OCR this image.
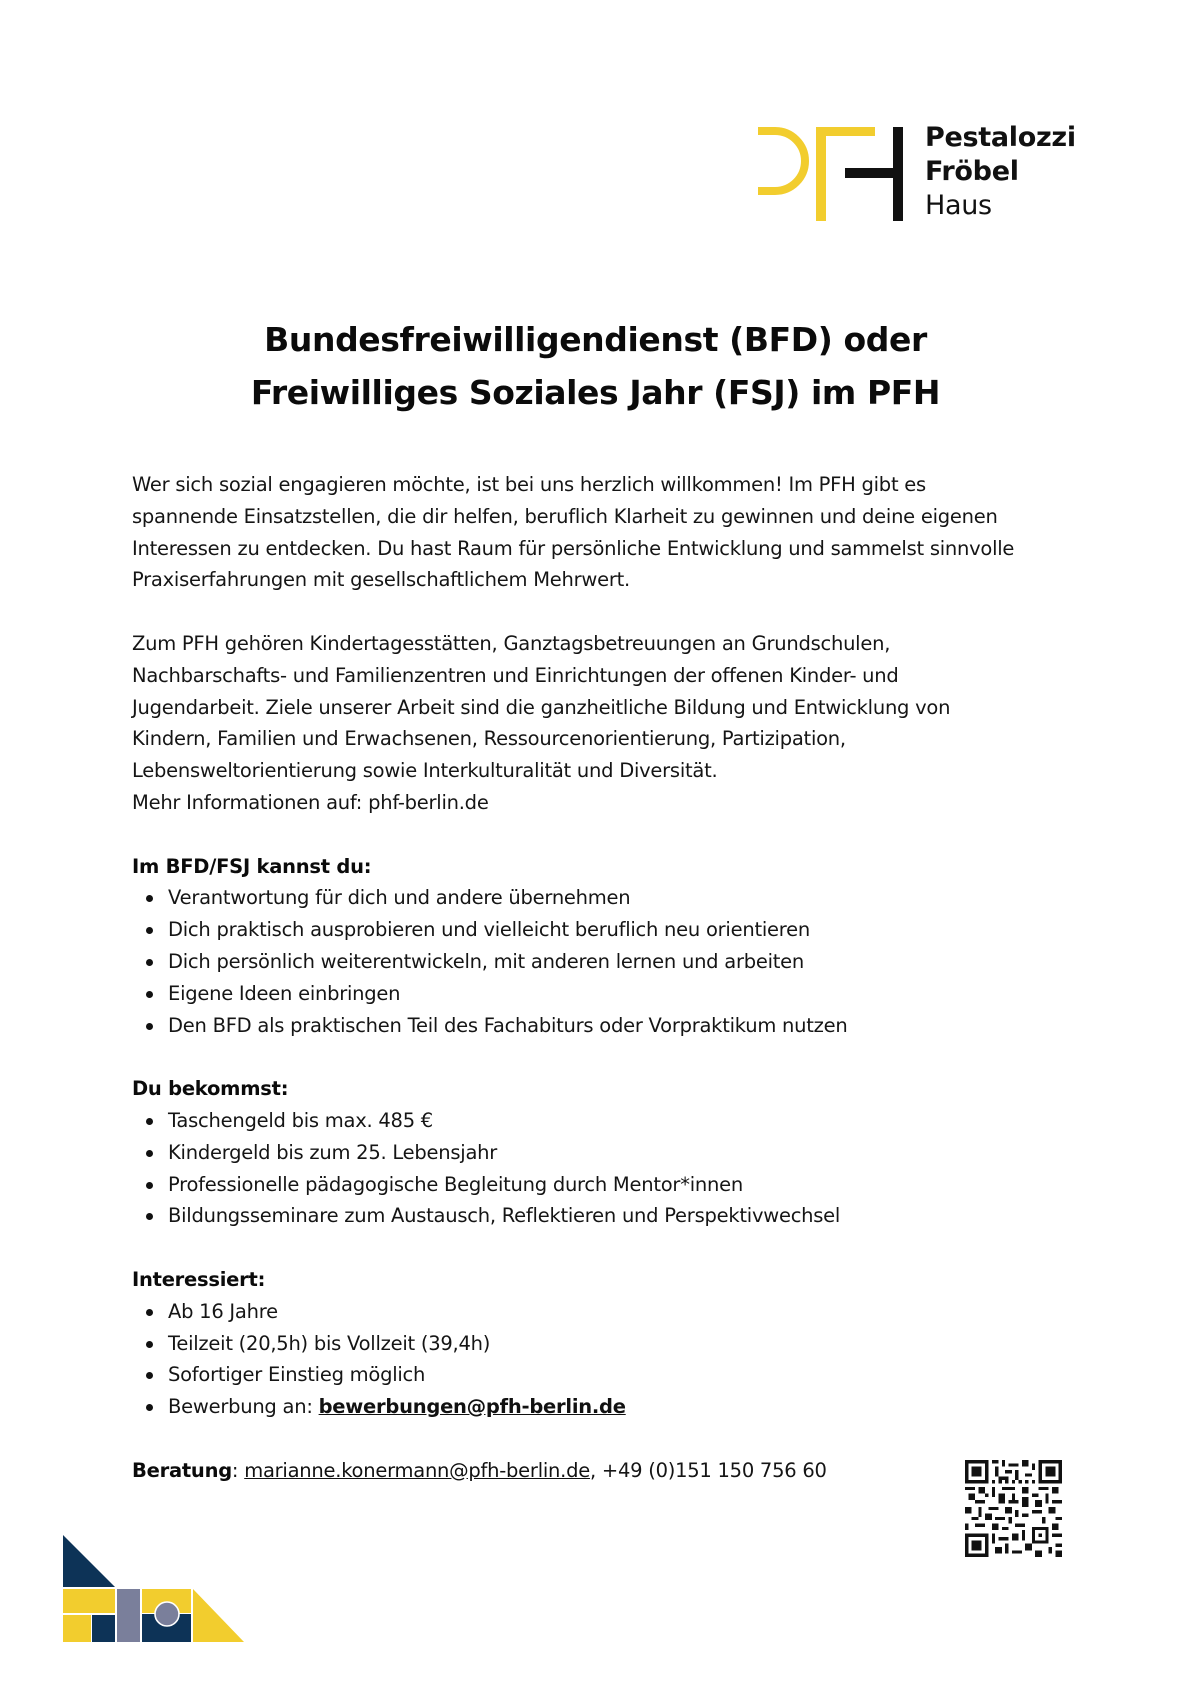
Pestalozzi
Fröbel
Haus
Bundesfreiwilligendienst (BFD) oder
Freiwilliges Soziales Jahr (FSJ) im PFH

Wer sich sozial engagieren möchte, ist bei uns herzlich willkommen! Im PFH gibt es
spannende Einsatzstellen, die dir helfen, beruflich Klarheit zu gewinnen und deine eigenen
Interessen zu entdecken. Du hast Raum für persönliche Entwicklung und sammelst sinnvolle
Praxiserfahrungen mit gesellschaftlichem Mehrwert.

Zum PFH gehören Kindertagesstätten, Ganztagsbetreuungen an Grundschulen,
Nachbarschafts- und Familienzentren und Einrichtungen der offenen Kinder- und
Jugendarbeit. Ziele unserer Arbeit sind die ganzheitliche Bildung und Entwicklung von
Kindern, Familien und Erwachsenen, Ressourcenorientierung, Partizipation,
Lebensweltorientierung sowie Interkulturalität und Diversität.
Mehr Informationen auf: phf-berlin.de

Im BFD/FSJ kannst du:
Verantwortung für dich und andere übernehmen
Dich praktisch ausprobieren und vielleicht beruflich neu orientieren
Dich persönlich weiterentwickeln, mit anderen lernen und arbeiten
Eigene Ideen einbringen
Den BFD als praktischen Teil des Fachabiturs oder Vorpraktikum nutzen
Du bekommst:
Taschengeld bis max. 485 €
Kindergeld bis zum 25. Lebensjahr
Professionelle pädagogische Begleitung durch Mentor*innen
Bildungsseminare zum Austausch, Reflektieren und Perspektivwechsel
Interessiert:
Ab 16 Jahre
Teilzeit (20,5h) bis Vollzeit (39,4h)
Sofortiger Einstieg möglich
Bewerbung an: bewerbungen@pfh-berlin.de

Beratung: marianne.konermann@pfh-berlin.de, +49 (0)151 150 756 60
